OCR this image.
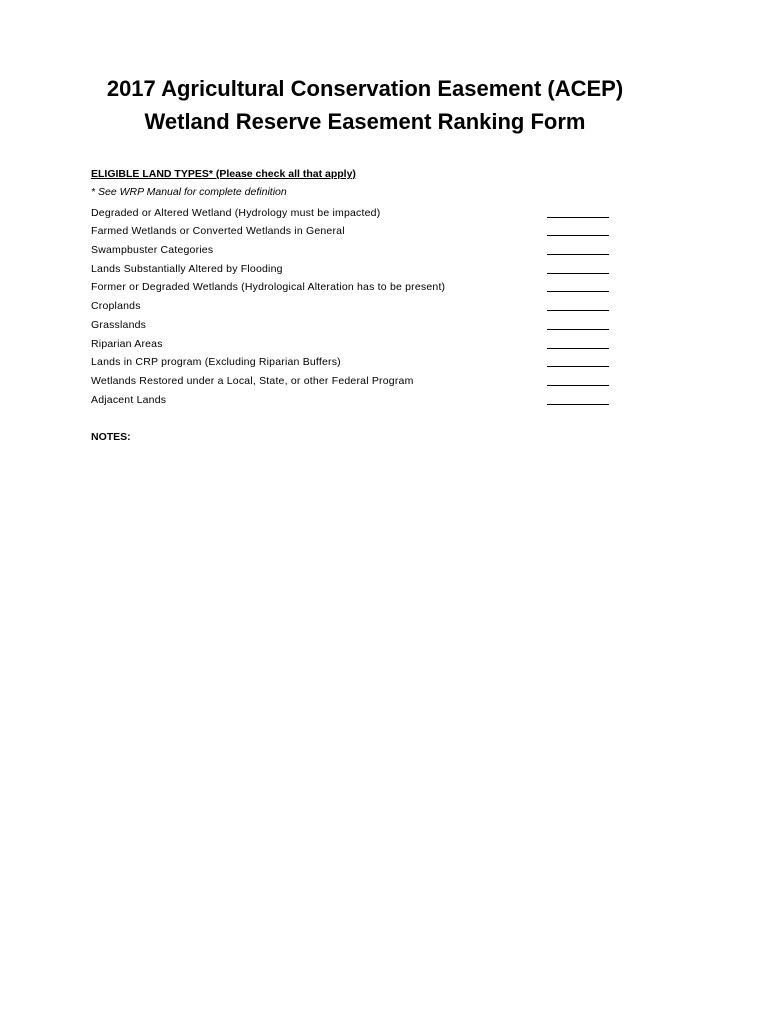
2017 Agricultural Conservation Easement (ACEP)
Wetland Reserve Easement Ranking Form

ELIGIBLE LAND TYPES* (Please check all that apply)

* See WRP Manual for complete definition

Degraded or Altered Wetland (Hydrology must be impacted)
Farmed Wetlands or Converted Wetlands in General
Swampbuster Categories
Lands Substantially Altered by Flooding
Former or Degraded Wetlands (Hydrological Alteration has to be present)
Croplands
Grasslands
Riparian Areas
Lands in CRP program (Excluding Riparian Buffers)
Wetlands Restored under a Local, State, or other Federal Program
Adjacent Lands

NOTES:
